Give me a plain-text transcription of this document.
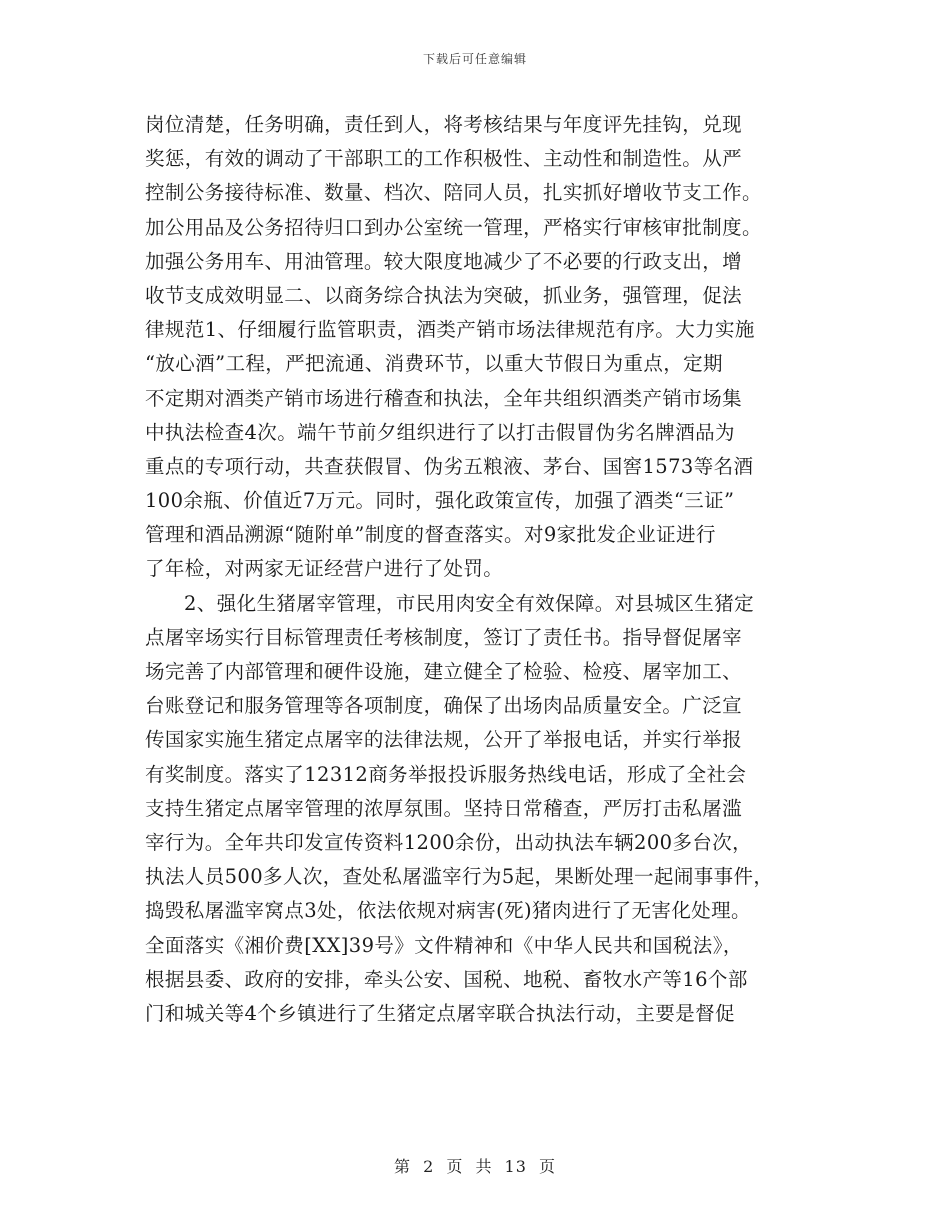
下载后可任意编辑
岗位清楚，任务明确，责任到人，将考核结果与年度评先挂钩，兑现
奖惩，有效的调动了干部职工的工作积极性、主动性和制造性。从严
控制公务接待标准、数量、档次、陪同人员，扎实抓好增收节支工作。
加公用品及公务招待归口到办公室统一管理，严格实行审核审批制度。
加强公务用车、用油管理。较大限度地减少了不必要的行政支出，增
收节支成效明显二、以商务综合执法为突破，抓业务，强管理，促法
律规范1、仔细履行监管职责，酒类产销市场法律规范有序。大力实施
“放心酒”工程，严把流通、消费环节，以重大节假日为重点，定期
不定期对酒类产销市场进行稽查和执法，全年共组织酒类产销市场集
中执法检查4次。端午节前夕组织进行了以打击假冒伪劣名牌酒品为
重点的专项行动，共查获假冒、伪劣五粮液、茅台、国窖1573等名酒
100余瓶、价值近7万元。同时，强化政策宣传，加强了酒类“三证”
管理和酒品溯源“随附单”制度的督查落实。对9家批发企业证进行
了年检，对两家无证经营户进行了处罚。
2、强化生猪屠宰管理，市民用肉安全有效保障。对县城区生猪定
点屠宰场实行目标管理责任考核制度，签订了责任书。指导督促屠宰
场完善了内部管理和硬件设施，建立健全了检验、检疫、屠宰加工、
台账登记和服务管理等各项制度，确保了出场肉品质量安全。广泛宣
传国家实施生猪定点屠宰的法律法规，公开了举报电话，并实行举报
有奖制度。落实了12312商务举报投诉服务热线电话，形成了全社会
支持生猪定点屠宰管理的浓厚氛围。坚持日常稽查，严厉打击私屠滥
宰行为。全年共印发宣传资料1200余份，出动执法车辆200多台次，
执法人员500多人次，查处私屠滥宰行为5起，果断处理一起闹事事件，
捣毁私屠滥宰窝点3处，依法依规对病害(死)猪肉进行了无害化处理。
全面落实《湘价费[XX]39号》文件精神和《中华人民共和国税法》，
根据县委、政府的安排，牵头公安、国税、地税、畜牧水产等16个部
门和城关等4个乡镇进行了生猪定点屠宰联合执法行动，主要是督促
第 2 页 共 13 页
